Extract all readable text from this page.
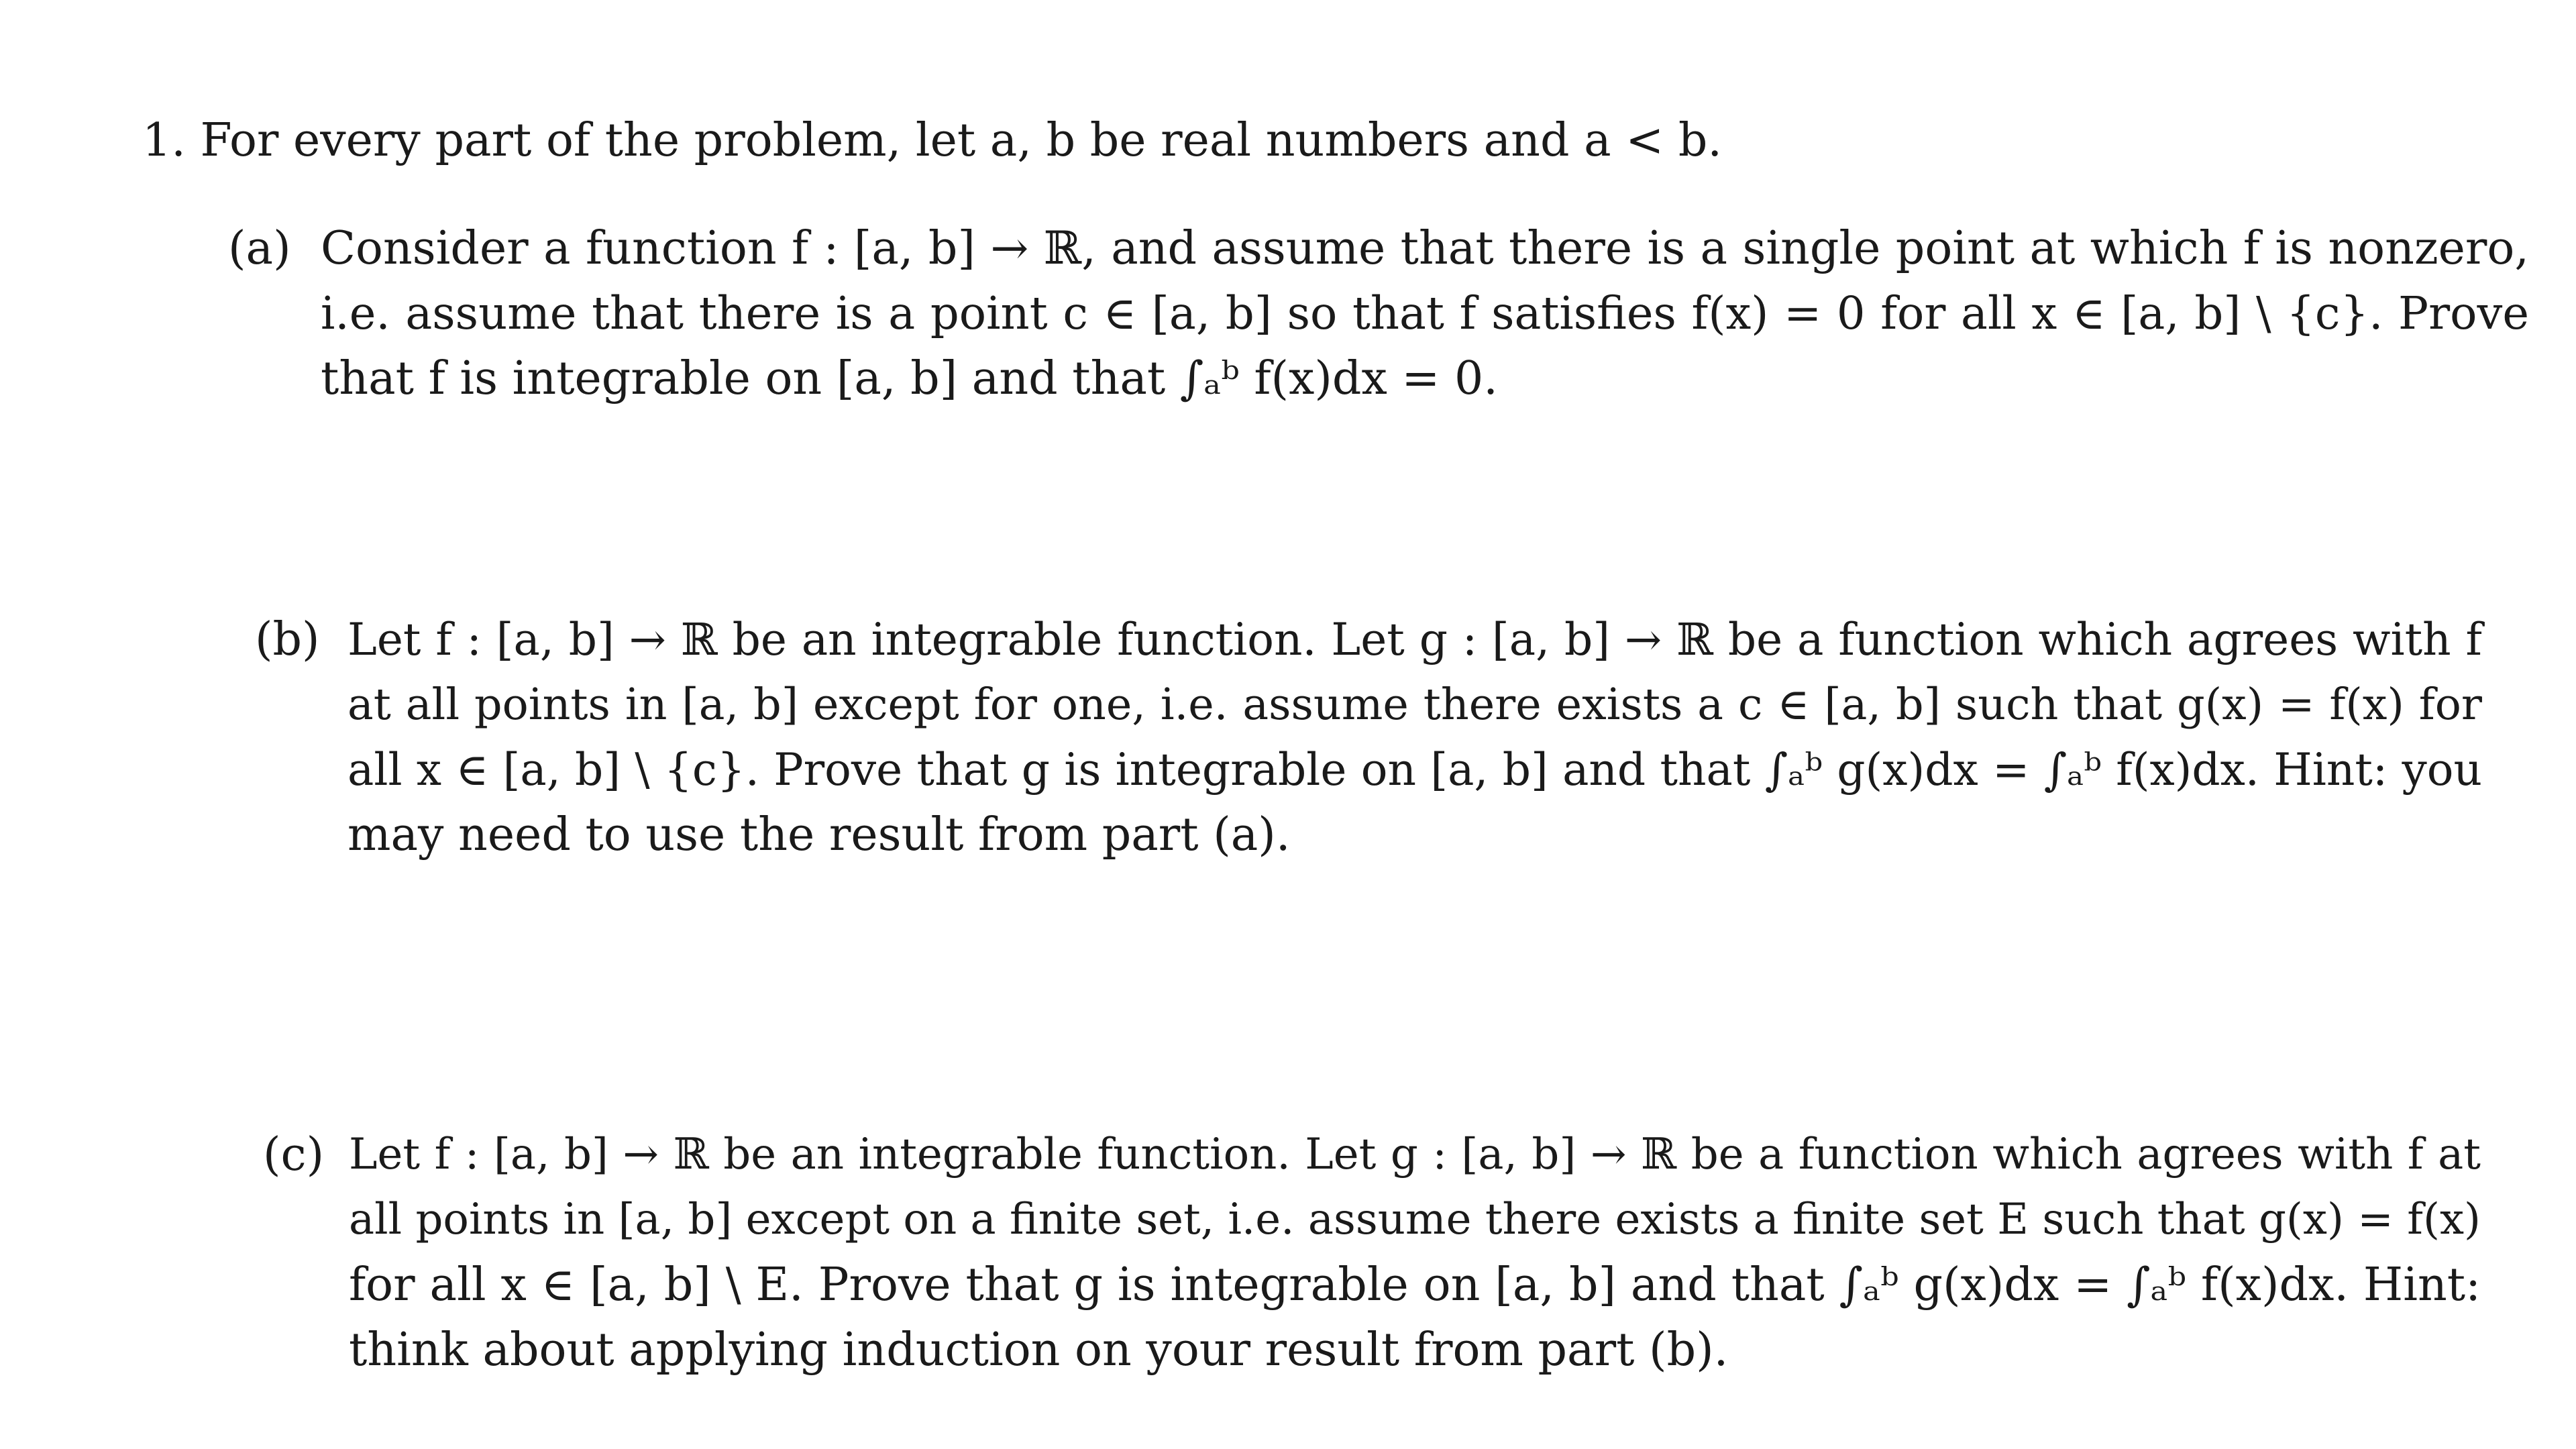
1. For every part of the problem, let a, b be real numbers and a < b.
(a) Consider a function f : [a, b] → ℝ, and assume that there is a single point at which f is nonzero,
i.e. assume that there is a point c ∈ [a, b] so that f satisfies f(x) = 0 for all x ∈ [a, b] \ {c}. Prove
that f is integrable on [a, b] and that ∫ₐᵇ f(x)dx = 0.
(b) Let f : [a, b] → ℝ be an integrable function. Let g : [a, b] → ℝ be a function which agrees with f
at all points in [a, b] except for one, i.e. assume there exists a c ∈ [a, b] such that g(x) = f(x) for
all x ∈ [a, b] \ {c}. Prove that g is integrable on [a, b] and that ∫ₐᵇ g(x)dx = ∫ₐᵇ f(x)dx. Hint: you
may need to use the result from part (a).
(c) Let f : [a, b] → ℝ be an integrable function. Let g : [a, b] → ℝ be a function which agrees with f at
all points in [a, b] except on a finite set, i.e. assume there exists a finite set E such that g(x) = f(x)
for all x ∈ [a, b] \ E. Prove that g is integrable on [a, b] and that ∫ₐᵇ g(x)dx = ∫ₐᵇ f(x)dx. Hint:
think about applying induction on your result from part (b).
